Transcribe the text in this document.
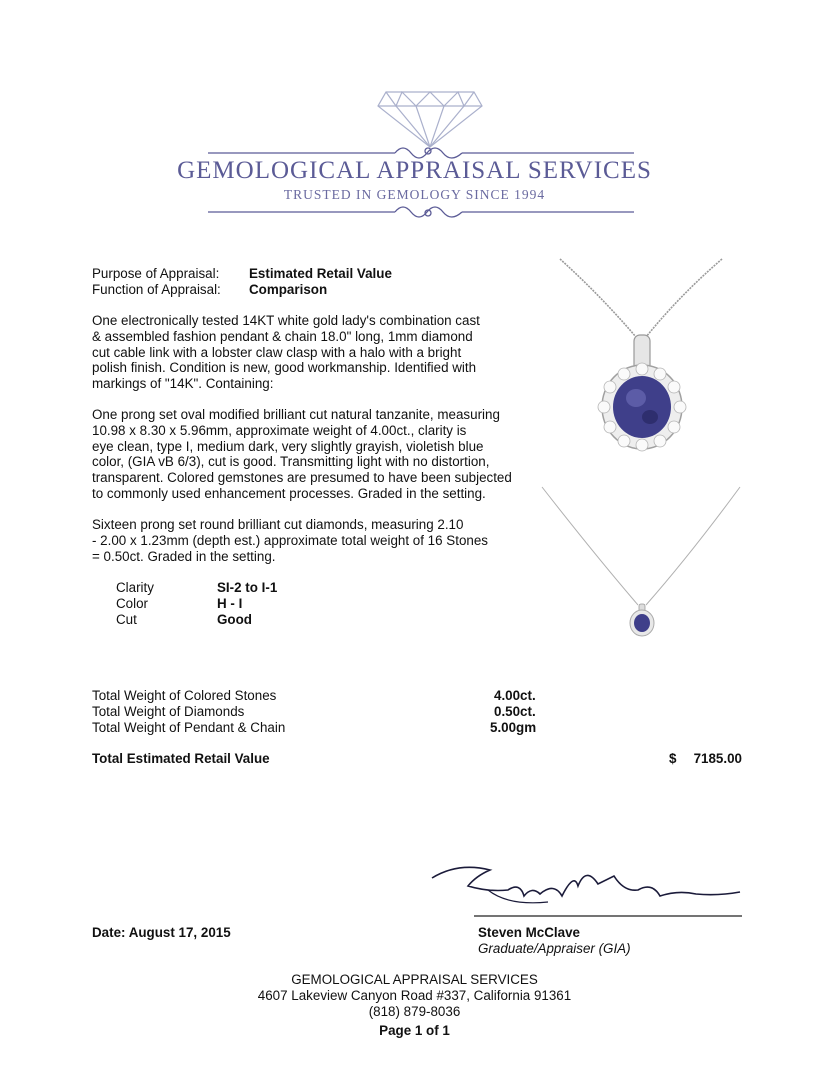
GEMOLOGICAL APPRAISAL SERVICES
TRUSTED IN GEMOLOGY SINCE 1994
Purpose of Appraisal: Estimated Retail Value
Function of Appraisal: Comparison
One electronically tested 14KT white gold lady's combination cast
& assembled fashion pendant & chain 18.0" long, 1mm diamond
cut cable link with a lobster claw clasp with a halo with a bright
polish finish. Condition is new, good workmanship. Identified with
markings of "14K". Containing:
One prong set oval modified brilliant cut natural tanzanite, measuring
10.98 x 8.30 x 5.96mm, approximate weight of 4.00ct., clarity is
eye clean, type I, medium dark, very slightly grayish, violetish blue
color, (GIA vB 6/3), cut is good. Transmitting light with no distortion,
transparent. Colored gemstones are presumed to have been subjected
to commonly used enhancement processes. Graded in the setting.
Sixteen prong set round brilliant cut diamonds, measuring 2.10
- 2.00 x 1.23mm (depth est.) approximate total weight of 16 Stones
= 0.50ct. Graded in the setting.
Clarity	SI-2 to I-1
Color	H - I
Cut	Good
Total Weight of Colored Stones	4.00ct.
Total Weight of Diamonds	0.50ct.
Total Weight of Pendant & Chain	5.00gm
Total Estimated Retail Value	$	7185.00
Date: August 17, 2015	Steven McClave
Graduate/Appraiser (GIA)
GEMOLOGICAL APPRAISAL SERVICES
4607 Lakeview Canyon Road #337, California 91361
(818) 879-8036
Page 1 of 1
